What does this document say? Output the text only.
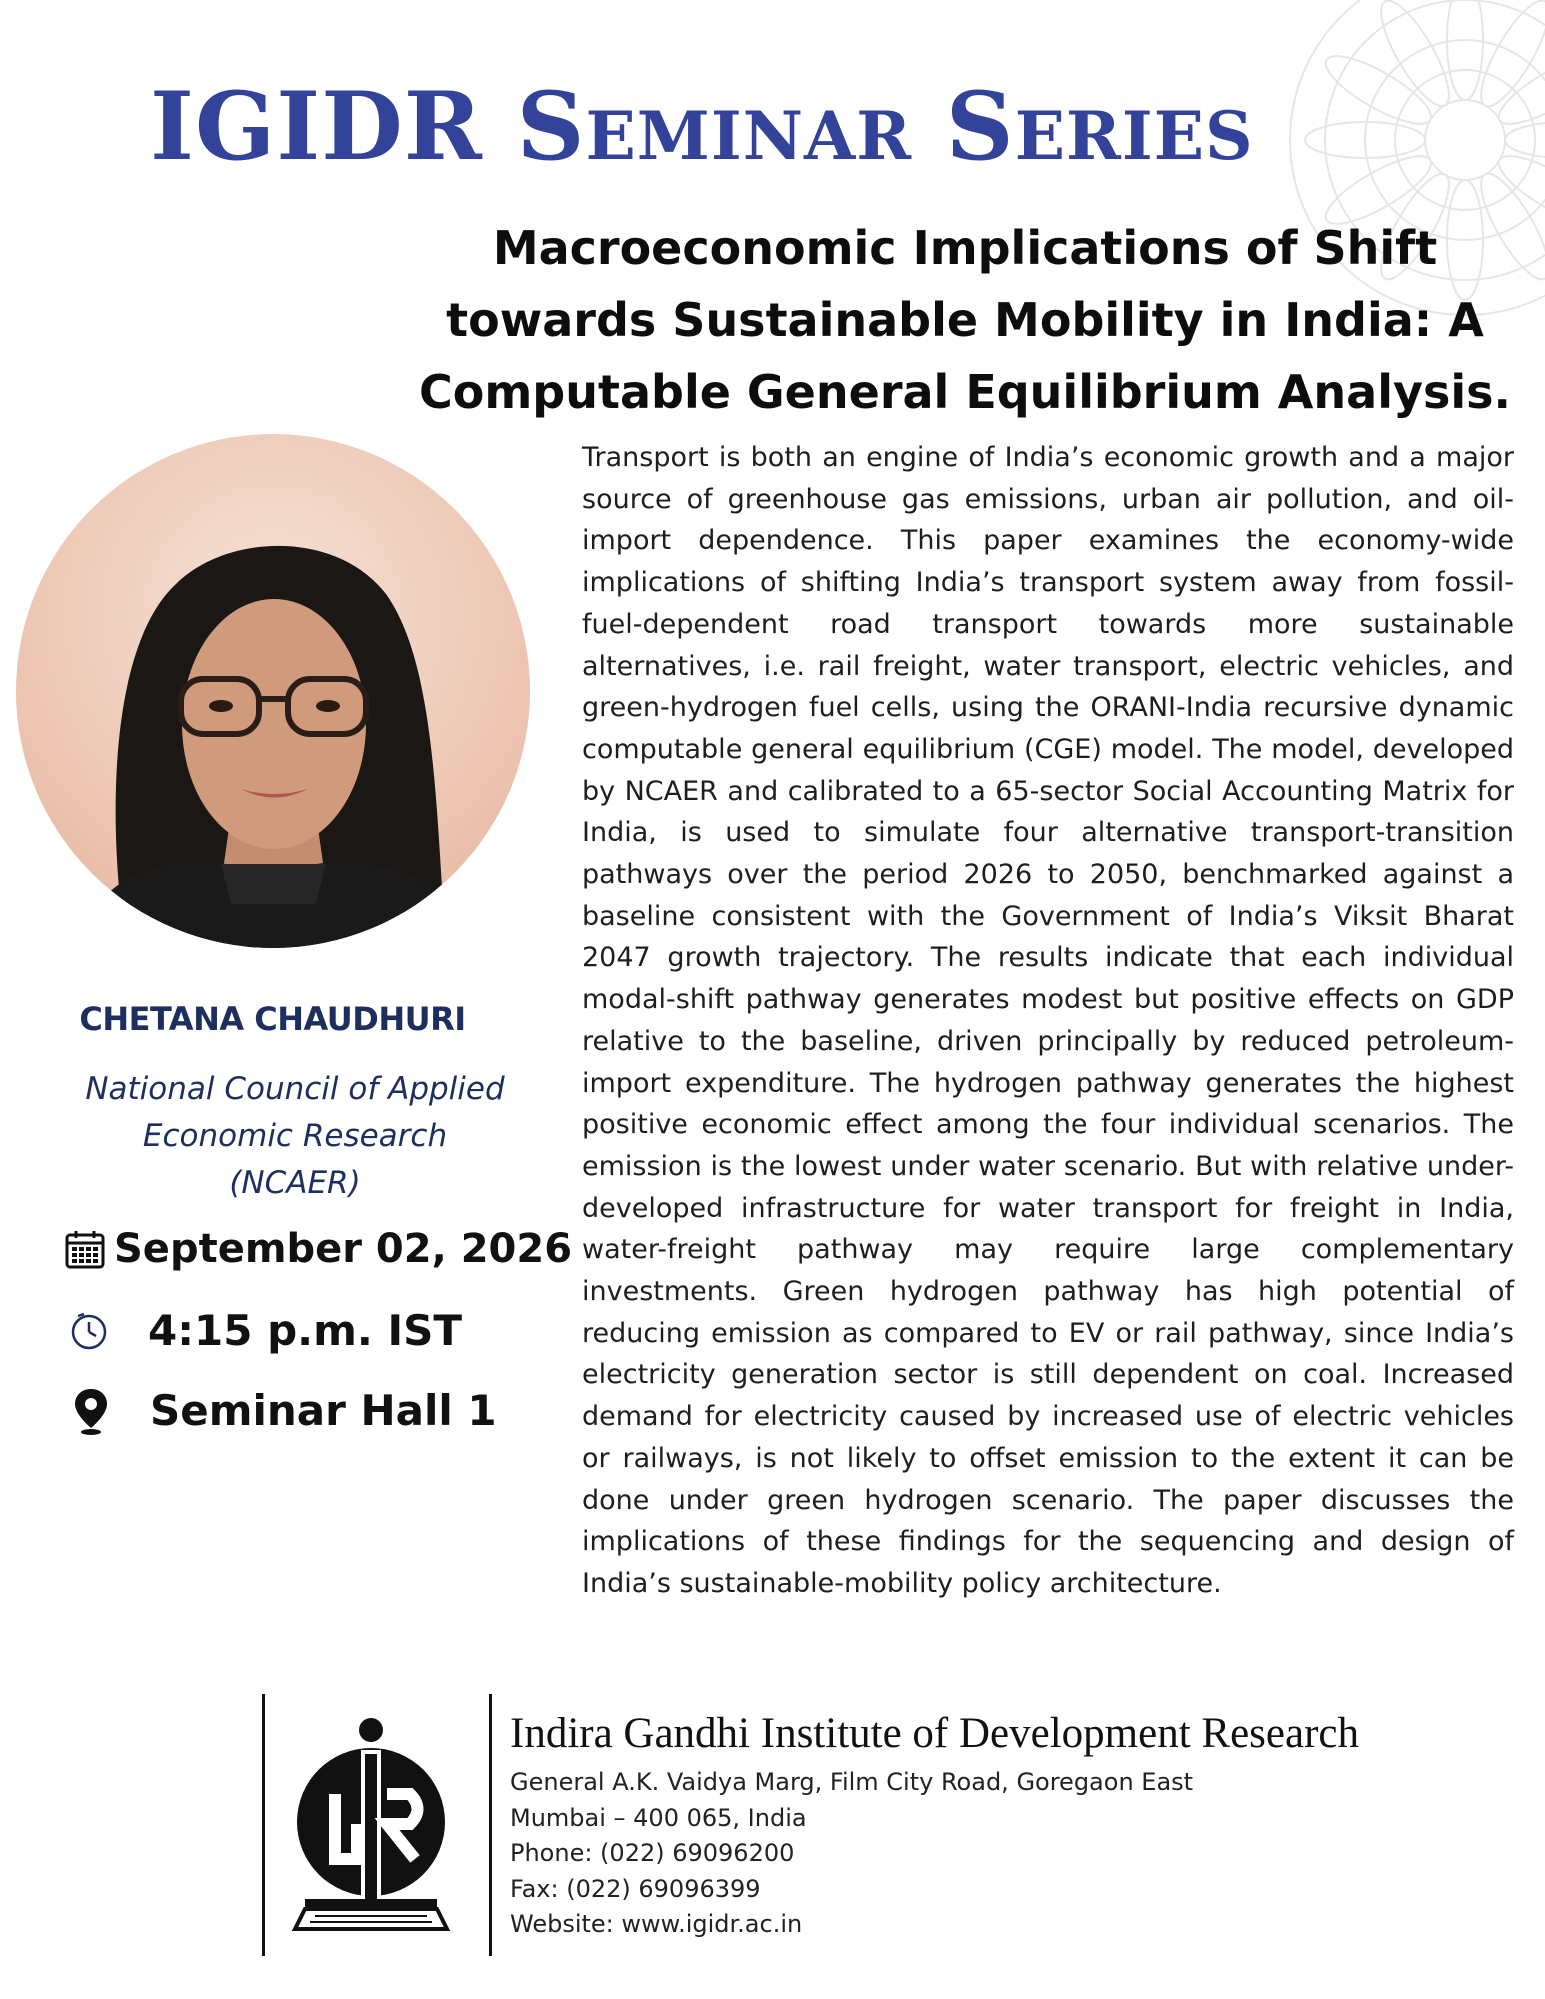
IGIDR Seminar Series
Macroeconomic Implications of Shift towards Sustainable Mobility in India: A Computable General Equilibrium Analysis.
Transport is both an engine of India’s economic growth and a major source of greenhouse gas emissions, urban air pollution, and oil-import dependence. This paper examines the economy-wide implications of shifting India’s transport system away from fossil-fuel-dependent road transport towards more sustainable alternatives, i.e. rail freight, water transport, electric vehicles, and green-hydrogen fuel cells, using the ORANI-India recursive dynamic computable general equilibrium (CGE) model. The model, developed by NCAER and calibrated to a 65-sector Social Accounting Matrix for India, is used to simulate four alternative transport-transition pathways over the period 2026 to 2050, benchmarked against a baseline consistent with the Government of India’s Viksit Bharat 2047 growth trajectory. The results indicate that each individual modal-shift pathway generates modest but positive effects on GDP relative to the baseline, driven principally by reduced petroleum-import expenditure. The hydrogen pathway generates the highest positive economic effect among the four individual scenarios. The emission is the lowest under water scenario. But with relative under-developed infrastructure for water transport for freight in India, water-freight pathway may require large complementary investments. Green hydrogen pathway has high potential of reducing emission as compared to EV or rail pathway, since India’s electricity generation sector is still dependent on coal. Increased demand for electricity caused by increased use of electric vehicles or railways, is not likely to offset emission to the extent it can be done under green hydrogen scenario. The paper discusses the implications of these findings for the sequencing and design of India’s sustainable-mobility policy architecture.
CHETANA CHAUDHURI
National Council of Applied
Economic Research
(NCAER)
September 02, 2026
4:15 p.m. IST
Seminar Hall 1
Indira Gandhi Institute of Development Research
General A.K. Vaidya Marg, Film City Road, Goregaon East
Mumbai – 400 065, India
Phone: (022) 69096200
Fax: (022) 69096399
Website: www.igidr.ac.in
